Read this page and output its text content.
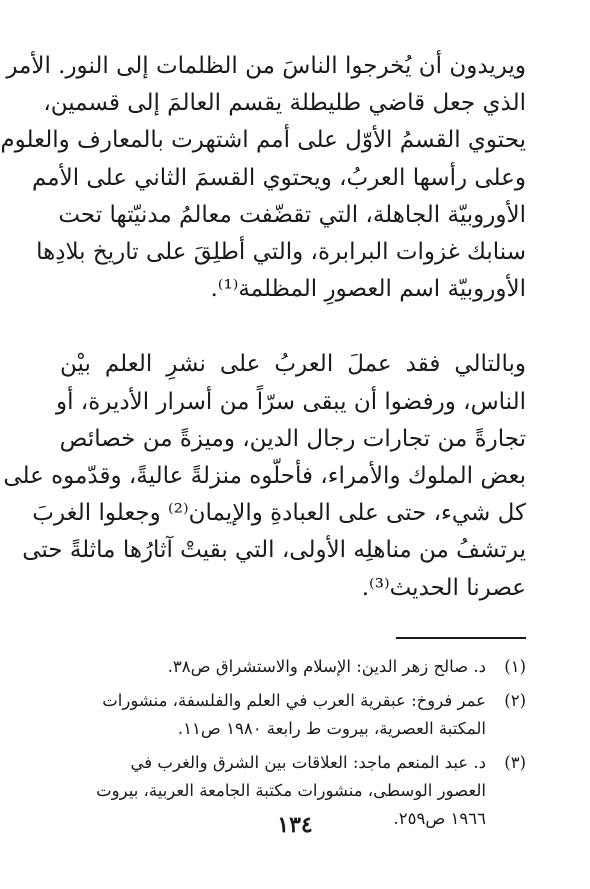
ويريدون أن يُخرجوا الناسَ من الظلمات إلى النور. الأمر
الذي جعل قاضي طليطلة يقسم العالمَ إلى قسمين،
يحتوي القسمُ الأوّل على أمم اشتهرت بالمعارف والعلوم
وعلى رأسها العربُ، ويحتوي القسمَ الثاني على الأمم
الأوروبيّة الجاهلة، التي تقضّفت معالمُ مدنيّتها تحت
سنابك غزوات البرابرة، والتي أطلِقَ على تاريخ بلادِها
الأوروبيّة اسم العصورِ المظلمة⁽¹⁾.
وبالتالي فقد عملَ العربُ على نشرِ العلم بيْن
الناس، ورفضوا أن يبقى سرّاً من أسرار الأديرة، أو
تجارةً من تجارات رجال الدين، وميزةً من خصائص
بعض الملوك والأمراء، فأحلّوه منزلةً عاليةً، وقدّموه على
كل شيء، حتى على العبادةِ والإيمان⁽²⁾ وجعلوا الغربَ
يرتشفُ من مناهلِه الأولى، التي بقيتْ آثارُها ماثلةً حتى
عصرنا الحديث⁽³⁾.
(١)
د. صالح زهر الدين: الإسلام والاستشراق ص٣٨.
(٢)
عمر فروخ: عبقرية العرب في العلم والفلسفة، منشورات
المكتبة العصرية، بيروت ط رابعة ١٩٨٠ ص١١.
(٣)
د. عبد المنعم ماجد: العلاقات بين الشرق والغرب في
العصور الوسطى، منشورات مكتبة الجامعة العربية، بيروت
١٩٦٦ ص٢٥٩.
١٣٤
